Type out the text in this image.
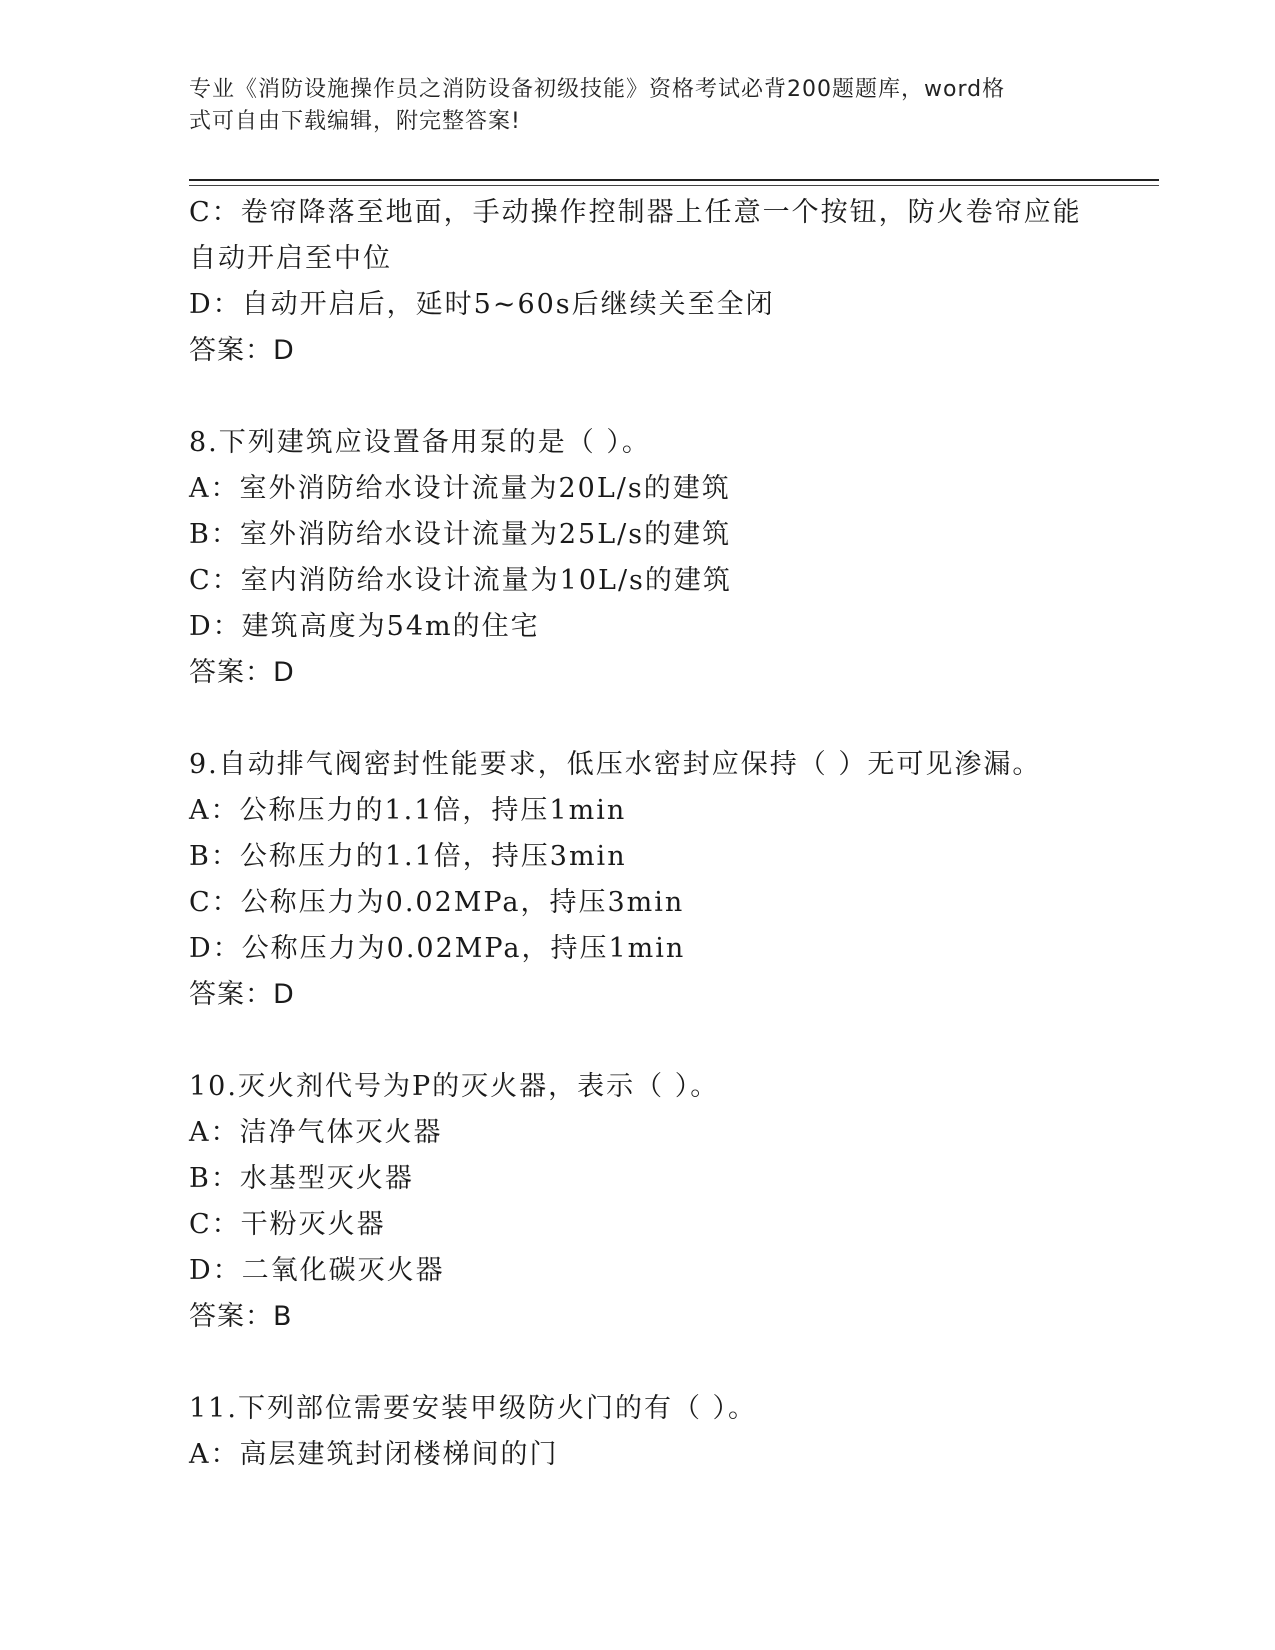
专业《消防设施操作员之消防设备初级技能》资格考试必背200题题库，word格
式可自由下载编辑，附完整答案!
C：卷帘降落至地面，手动操作控制器上任意一个按钮，防火卷帘应能
自动开启至中位
D：自动开启后，延时5~60s后继续关至全闭
答案：D
8.下列建筑应设置备用泵的是（ ）。
A：室外消防给水设计流量为20L/s的建筑
B：室外消防给水设计流量为25L/s的建筑
C：室内消防给水设计流量为10L/s的建筑
D：建筑高度为54m的住宅
答案：D
9.自动排气阀密封性能要求，低压水密封应保持（ ）无可见渗漏。
A：公称压力的1.1倍，持压1min
B：公称压力的1.1倍，持压3min
C：公称压力为0.02MPa，持压3min
D：公称压力为0.02MPa，持压1min
答案：D
10.灭火剂代号为P的灭火器，表示（ ）。
A：洁净气体灭火器
B：水基型灭火器
C：干粉灭火器
D：二氧化碳灭火器
答案：B
11.下列部位需要安装甲级防火门的有（ ）。
A：高层建筑封闭楼梯间的门
